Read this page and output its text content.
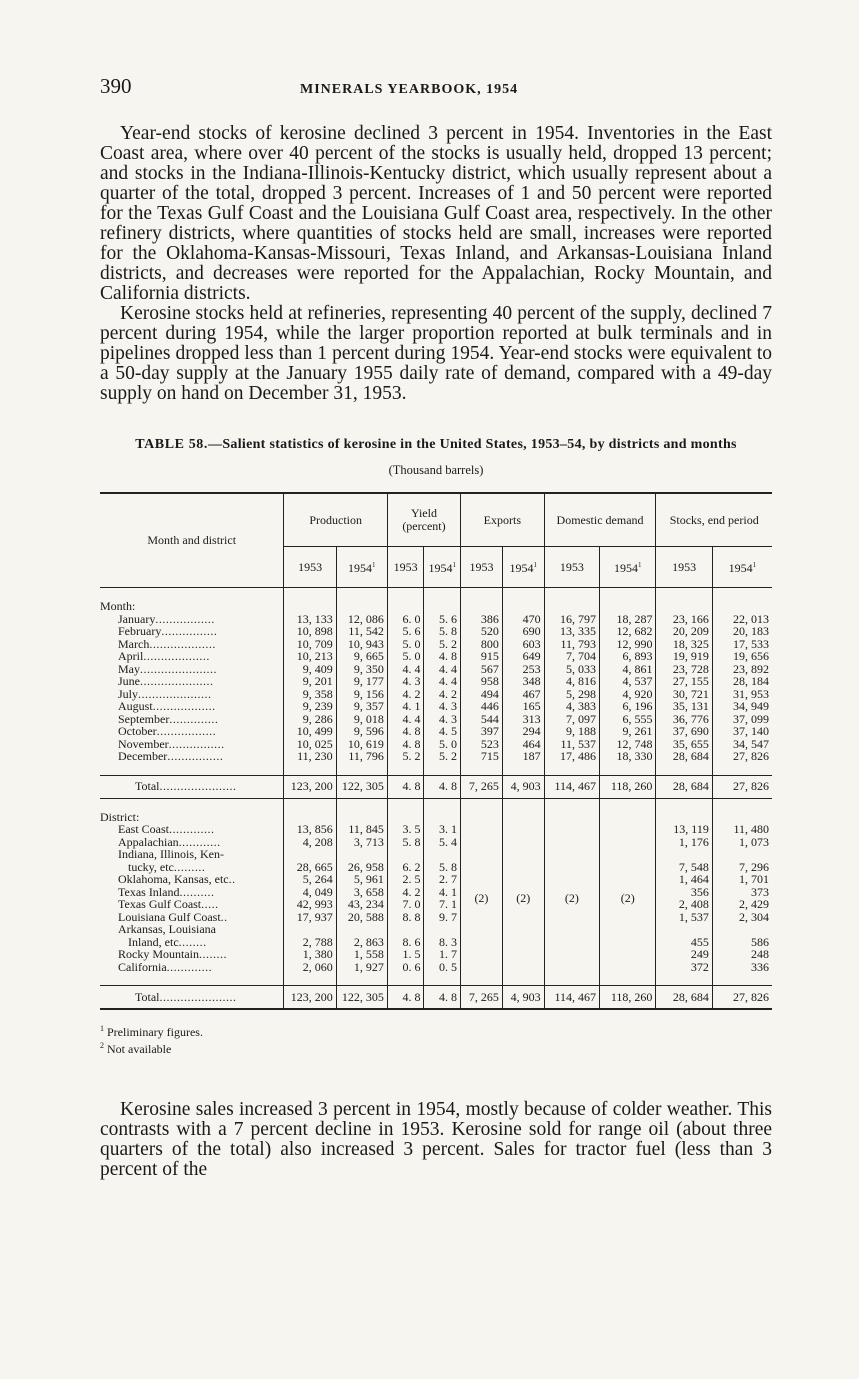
390	MINERALS YEARBOOK, 1954

Year-end stocks of kerosine declined 3 percent in 1954. Inventories in the East Coast area, where over 40 percent of the stocks is usually held, dropped 13 percent; and stocks in the Indiana-Illinois-Kentucky district, which usually represent about a quarter of the total, dropped 3 percent. Increases of 1 and 50 percent were reported for the Texas Gulf Coast and the Louisiana Gulf Coast area, respectively. In the other refinery districts, where quantities of stocks held are small, increases were reported for the Oklahoma-Kansas-Missouri, Texas Inland, and Arkansas-Louisiana Inland districts, and decreases were reported for the Appalachian, Rocky Mountain, and California districts.

Kerosine stocks held at refineries, representing 40 percent of the supply, declined 7 percent during 1954, while the larger proportion reported at bulk terminals and in pipelines dropped less than 1 percent during 1954. Year-end stocks were equivalent to a 50-day supply at the January 1955 daily rate of demand, compared with a 49-day supply on hand on December 31, 1953.

TABLE 58.—Salient statistics of kerosine in the United States, 1953–54, by districts and months
(Thousand barrels)
Month and district	Production		Yield (percent)		Exports		Domestic demand		Stocks, end period	
	1953	1954$^1$	1953	1954$^1$	1953	1954$^1$	1953	1954$^1$	1953	1954$^1$

Month:										
January.................	13, 133	12, 086	6. 0	5. 6	386	470	16, 797	18, 287	23, 166	22, 013
February................	10, 898	11, 542	5. 6	5. 8	520	690	13, 335	12, 682	20, 209	20, 183
March...................	10, 709	10, 943	5. 0	5. 2	800	603	11, 793	12, 990	18, 325	17, 533
April...................	10, 213	9, 665	5. 0	4. 8	915	649	7, 704	6, 893	19, 919	19, 656
May......................	9, 409	9, 350	4. 4	4. 4	567	253	5, 033	4, 861	23, 728	23, 892
June.....................	9, 201	9, 177	4. 3	4. 4	958	348	4, 816	4, 537	27, 155	28, 184
July.....................	9, 358	9, 156	4. 2	4. 2	494	467	5, 298	4, 920	30, 721	31, 953
August..................	9, 239	9, 357	4. 1	4. 3	446	165	4, 383	6, 196	35, 131	34, 949
September..............	9, 286	9, 018	4. 4	4. 3	544	313	7, 097	6, 555	36, 776	37, 099
October.................	10, 499	9, 596	4. 8	4. 5	397	294	9, 188	9, 261	37, 690	37, 140
November................	10, 025	10, 619	4. 8	5. 0	523	464	11, 537	12, 748	35, 655	34, 547
December................	11, 230	11, 796	5. 2	5. 2	715	187	17, 486	18, 330	28, 684	27, 826

Total......................	123, 200	122, 305	4. 8	4. 8	7, 265	4, 903	114, 467	118, 260	28, 684	27, 826

District:										
East Coast.............	13, 856	11, 845	3. 5	3. 1	(2)	(2)	(2)	(2)	13, 119	11, 480
Appalachian............	4, 208	3, 713	5. 8	5. 4					1, 176	1, 073
Indiana, Illinois, Ken-										
tucky, etc.........	28, 665	26, 958	6. 2	5. 8					7, 548	7, 296
Oklahoma, Kansas, etc..	5, 264	5, 961	2. 5	2. 7					1, 464	1, 701
Texas Inland..........	4, 049	3, 658	4. 2	4. 1					356	373
Texas Gulf Coast.....	42, 993	43, 234	7. 0	7. 1					2, 408	2, 429
Louisiana Gulf Coast..	17, 937	20, 588	8. 8	9. 7					1, 537	2, 304
Arkansas, Louisiana										
Inland, etc........	2, 788	2, 863	8. 6	8. 3					455	586
Rocky Mountain........	1, 380	1, 558	1. 5	1. 7					249	248
California.............	2, 060	1, 927	0. 6	0. 5					372	336

Total......................	123, 200	122, 305	4. 8	4. 8	7, 265	4, 903	114, 467	118, 260	28, 684	27, 826
$^1$ Preliminary figures.
$^2$ Not available

Kerosine sales increased 3 percent in 1954, mostly because of colder weather. This contrasts with a 7 percent decline in 1953. Kerosine sold for range oil (about three quarters of the total) also increased 3 percent. Sales for tractor fuel (less than 3 percent of the
